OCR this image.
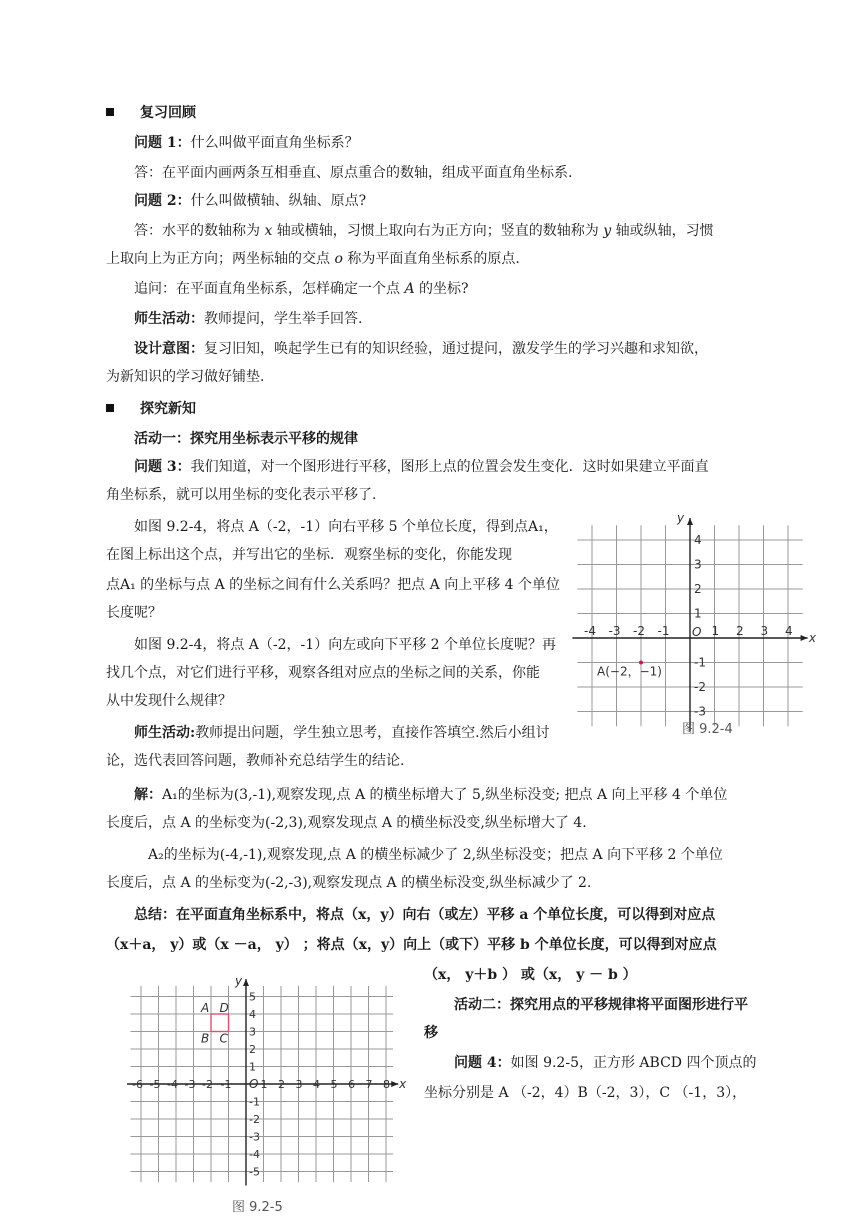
复习回顾
问题 1：什么叫做平面直角坐标系？
答：在平面内画两条互相垂直、原点重合的数轴，组成平面直角坐标系.
问题 2：什么叫做横轴、纵轴、原点?
答：水平的数轴称为 x 轴或横轴，习惯上取向右为正方向；竖直的数轴称为 y 轴或纵轴，习惯
上取向上为正方向；两坐标轴的交点 o 称为平面直角坐标系的原点.
追问：在平面直角坐标系，怎样确定一个点 A 的坐标?
师生活动：教师提问，学生举手回答.
设计意图：复习旧知，唤起学生已有的知识经验，通过提问，激发学生的学习兴趣和求知欲，
为新知识的学习做好铺垫.
探究新知
活动一：探究用坐标表示平移的规律
问题 3：我们知道，对一个图形进行平移，图形上点的位置会发生变化．这时如果建立平面直
角坐标系，就可以用坐标的变化表示平移了.
如图 9.2-4，将点 A（-2，-1）向右平移 5 个单位长度，得到点A₁，
在图上标出这个点，并写出它的坐标．观察坐标的变化，你能发现
点A₁ 的坐标与点 A 的坐标之间有什么关系吗？把点 A 向上平移 4 个单位
长度呢？
如图 9.2-4，将点 A（-2，-1）向左或向下平移 2 个单位长度呢？再
找几个点，对它们进行平移，观察各组对应点的坐标之间的关系，你能
从中发现什么规律？
师生活动:教师提出问题，学生独立思考，直接作答填空.然后小组讨
论，选代表回答问题，教师补充总结学生的结论.
x
y
O
-4 -3 -2 -1	1 2 3 4
4
3
2
1
-1
-2
-3
A(−2，−1)
图 9.2-4
解：A₁的坐标为(3,-1),观察发现,点 A 的横坐标增大了 5,纵坐标没变; 把点 A 向上平移 4 个单位
长度后，点 A 的坐标变为(-2,3),观察发现点 A 的横坐标没变,纵坐标增大了 4.
A₂的坐标为(-4,-1),观察发现,点 A 的横坐标减少了 2,纵坐标没变；把点 A 向下平移 2 个单位
长度后，点 A 的坐标变为(-2,-3),观察发现点 A 的横坐标没变,纵坐标减少了 2.
总结：在平面直角坐标系中，将点（x，y）向右（或左）平移 a 个单位长度，可以得到对应点
（x＋a， y）或（x －a， y） ；将点（x，y）向上（或下）平移 b 个单位长度，可以得到对应点
（x， y＋b ） 或（x， y － b ）
活动二：探究用点的平移规律将平面图形进行平
移
问题 4：如图 9.2-5，正方形 ABCD 四个顶点的
坐标分别是 A （-2，4）B（-2，3），C （-1，3），
x
y
O
-6 -5 -4 -3 -2 -1	1 2 3 4 5 6 7 8
5
4
3
2
1
-1
-2
-3
-4
-5
A
B C
D
图 9.2-5
